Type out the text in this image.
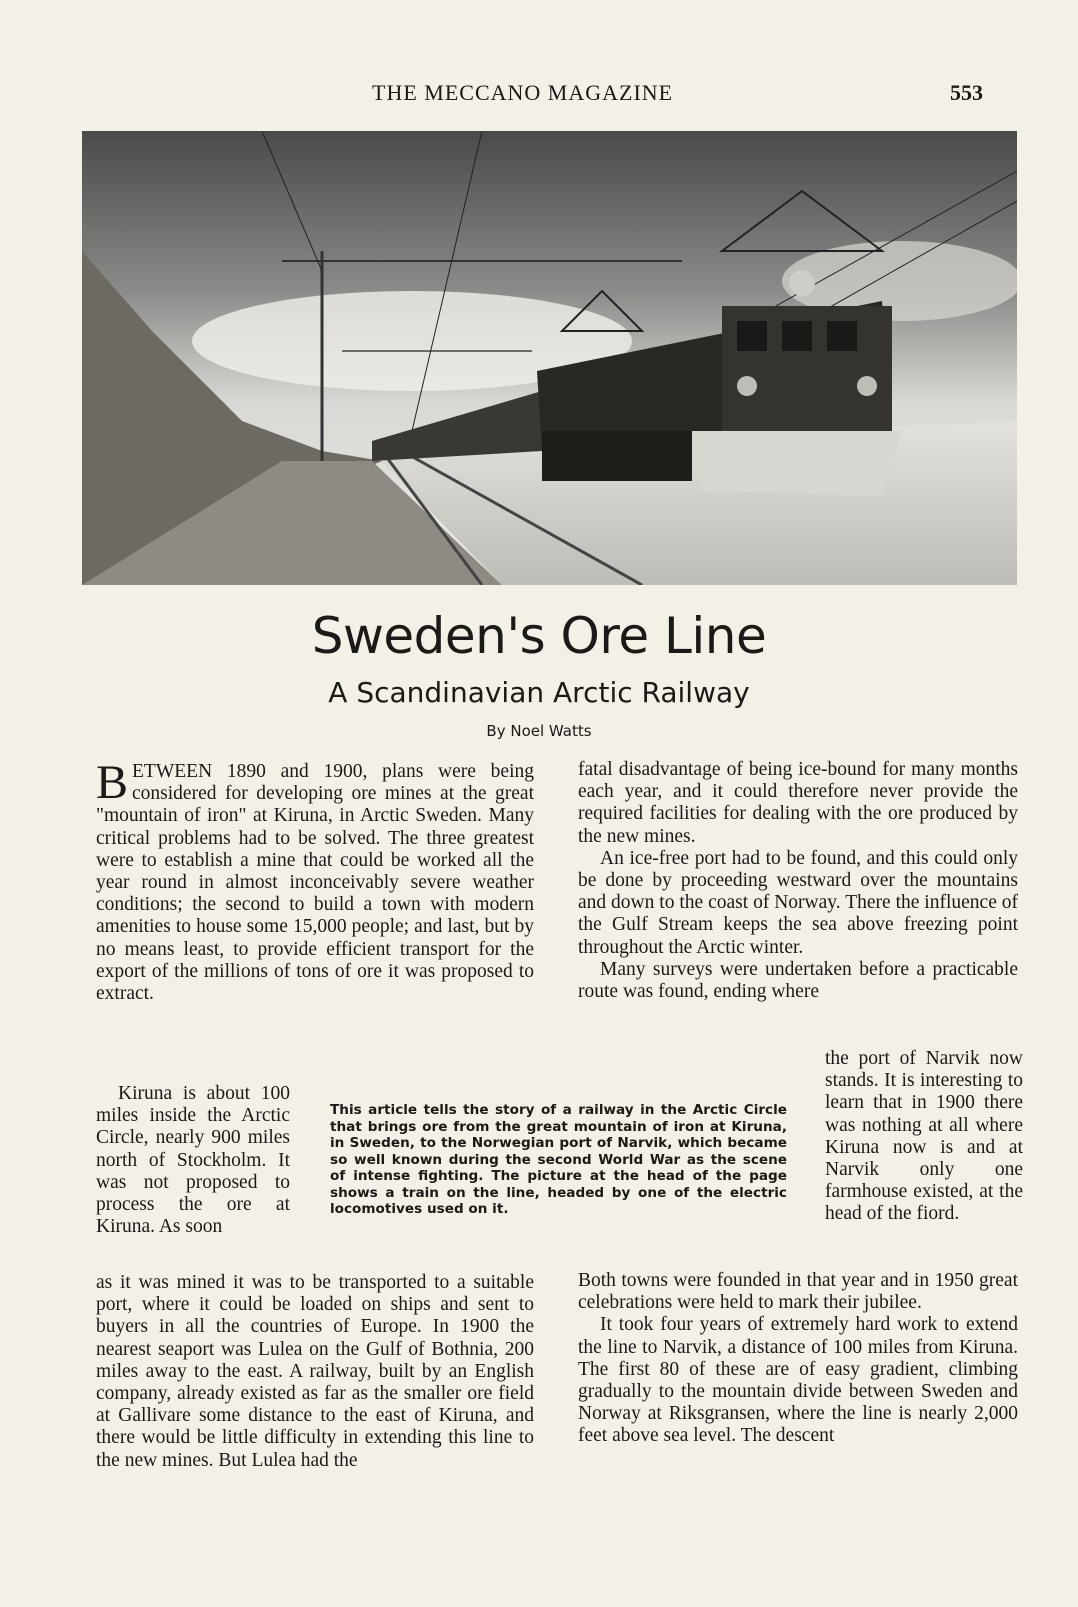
THE MECCANO MAGAZINE	553
Sweden's Ore Line
A Scandinavian Arctic Railway
By Noel Watts

BETWEEN 1890 and 1900, plans were being considered for developing ore mines at the great "mountain of iron" at Kiruna, in Arctic Sweden. Many critical problems had to be solved. The three greatest were to establish a mine that could be worked all the year round in almost inconceivably severe weather conditions; the second to build a town with modern amenities to house some 15,000 people; and last, but by no means least, to provide efficient transport for the export of the millions of tons of ore it was proposed to extract.

Kiruna is about 100 miles inside the Arctic Circle, nearly 900 miles north of Stockholm. It was not proposed to process the ore at Kiruna. As soon

as it was mined it was to be transported to a suitable port, where it could be loaded on ships and sent to buyers in all the countries of Europe. In 1900 the nearest seaport was Lulea on the Gulf of Bothnia, 200 miles away to the east. A railway, built by an English company, already existed as far as the smaller ore field at Gallivare some distance to the east of Kiruna, and there would be little difficulty in extending this line to the new mines. But Lulea had the

fatal disadvantage of being ice-bound for many months each year, and it could therefore never provide the required facilities for dealing with the ore produced by the new mines.

An ice-free port had to be found, and this could only be done by proceeding westward over the mountains and down to the coast of Norway. There the influence of the Gulf Stream keeps the sea above freezing point throughout the Arctic winter.

Many surveys were undertaken before a practicable route was found, ending where

the port of Narvik now stands. It is interesting to learn that in 1900 there was nothing at all where Kiruna now is and at Narvik only one farmhouse existed, at the head of the fiord.

Both towns were founded in that year and in 1950 great celebrations were held to mark their jubilee.

It took four years of extremely hard work to extend the line to Narvik, a distance of 100 miles from Kiruna. The first 80 of these are of easy gradient, climbing gradually to the mountain divide between Sweden and Norway at Riksgransen, where the line is nearly 2,000 feet above sea level. The descent

This article tells the story of a railway in the Arctic Circle that brings ore from the great mountain of iron at Kiruna, in Sweden, to the Norwegian port of Narvik, which became so well known during the second World War as the scene of intense fighting. The picture at the head of the page shows a train on the line, headed by one of the electric locomotives used on it.
